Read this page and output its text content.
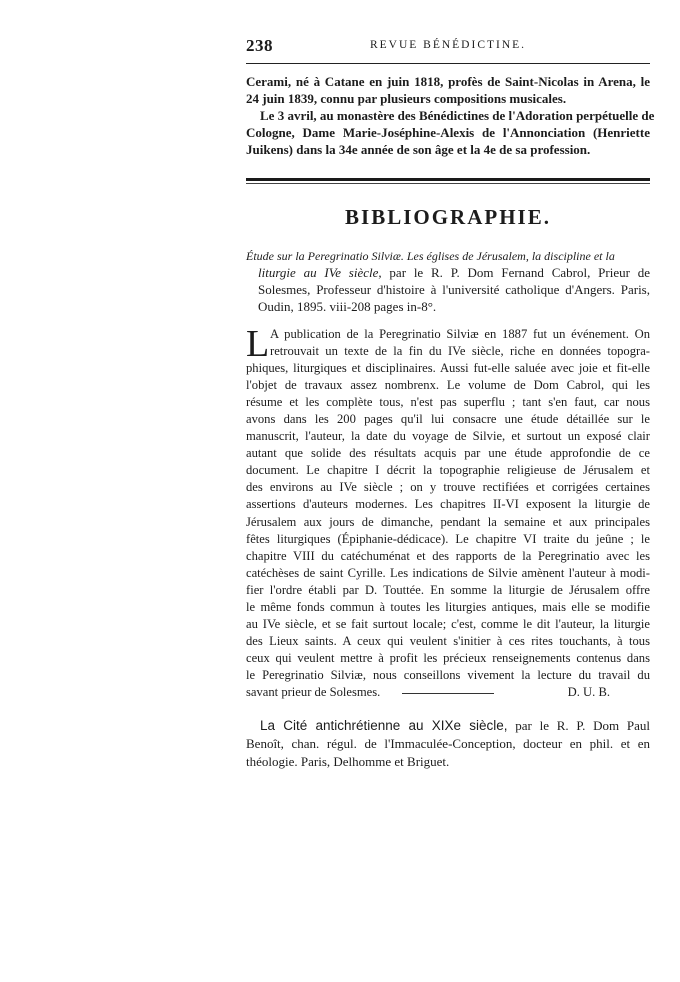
238	REVUE BÉNÉDICTINE.
Cerami, né à Catane en juin 1818, profès de Saint-Nicolas in Arena, le
24 juin 1839, connu par plusieurs compositions musicales.
Le 3 avril, au monastère des Bénédictines de l'Adoration perpétuelle de
Cologne, Dame Marie-Joséphine-Alexis de l'Annonciation (Henriette
Juikens) dans la 34e année de son âge et la 4e de sa profession.
BIBLIOGRAPHIE.
Étude sur la Peregrinatio Silviæ. Les églises de Jérusalem, la discipline et la
liturgie au IVe siècle, par le R. P. Dom Fernand Cabrol, Prieur de
Solesmes, Professeur d'histoire à l'université catholique d'Angers. Paris,
Oudin, 1895. viii-208 pages in-8°.
L A publication de la Peregrinatio Silviæ en 1887 fut un événement. On
retrouvait un texte de la fin du IVe siècle, riche en données topogra-
phiques, liturgiques et disciplinaires. Aussi fut-elle saluée avec joie et fit-elle
l'objet de travaux assez nombrenx. Le volume de Dom Cabrol, qui les
résume et les complète tous, n'est pas superflu ; tant s'en faut, car nous
avons dans les 200 pages qu'il lui consacre une étude détaillée sur le
manuscrit, l'auteur, la date du voyage de Silvie, et surtout un exposé clair
autant que solide des résultats acquis par une étude approfondie de ce
document. Le chapitre I décrit la topographie religieuse de Jérusalem et
des environs au IVe siècle ; on y trouve rectifiées et corrigées certaines
assertions d'auteurs modernes. Les chapitres II-VI exposent la liturgie de
Jérusalem aux jours de dimanche, pendant la semaine et aux principales
fêtes liturgiques (Épiphanie-dédicace). Le chapitre VI traite du jeûne ; le
chapitre VIII du catéchuménat et des rapports de la Peregrinatio avec les
catéchèses de saint Cyrille. Les indications de Silvie amènent l'auteur à modi-
fier l'ordre établi par D. Touttée. En somme la liturgie de Jérusalem offre
le même fonds commun à toutes les liturgies antiques, mais elle se modifie
au IVe siècle, et se fait surtout locale; c'est, comme le dit l'auteur, la liturgie
des Lieux saints. A ceux qui veulent s'initier à ces rites touchants, à tous
ceux qui veulent mettre à profit les précieux renseignements contenus dans
le Peregrinatio Silviæ, nous conseillons vivement la lecture du travail du
savant prieur de Solesmes.	D. U. B.
La Cité antichrétienne au XIXe siècle, par le R. P. Dom Paul
Benoît, chan. régul. de l'Immaculée-Conception, docteur en phil. et en
théologie. Paris, Delhomme et Briguet.
